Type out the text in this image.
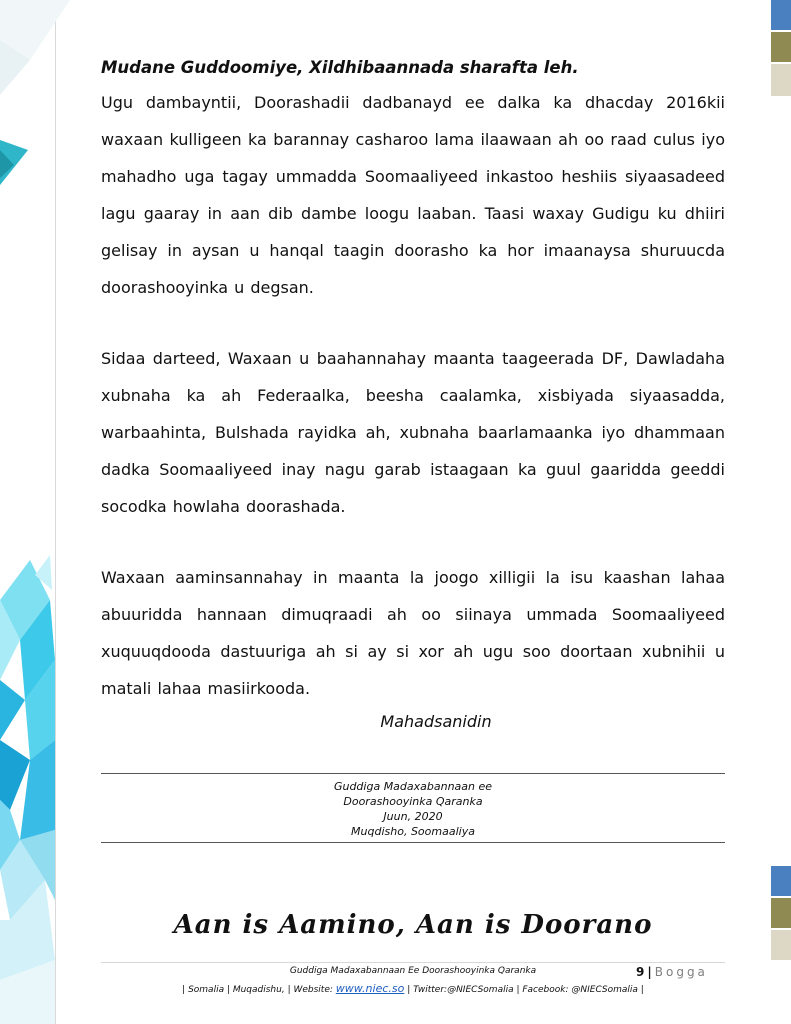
Mudane Guddoomiye, Xildhibaannada sharafta leh.

Ugu dambayntii, Doorashadii dadbanayd ee dalka ka dhacday 2016kii

waxaan kulligeen ka barannay casharoo lama ilaawaan ah oo raad culus iyo

mahadho uga tagay ummadda Soomaaliyeed inkastoo heshiis siyaasadeed

lagu gaaray in aan dib dambe loogu laaban. Taasi waxay Gudigu ku dhiiri

gelisay in aysan u hanqal taagin doorasho ka hor imaanaysa shuruucda

doorashooyinka u degsan.

Sidaa darteed, Waxaan u baahannahay maanta taageerada DF, Dawladaha

xubnaha ka ah Federaalka, beesha caalamka, xisbiyada siyaasadda,

warbaahinta, Bulshada rayidka ah, xubnaha baarlamaanka iyo dhammaan

dadka Soomaaliyeed inay nagu garab istaagaan ka guul gaaridda geeddi

socodka howlaha doorashada.

Waxaan aaminsannahay in maanta la joogo xilligii la isu kaashan lahaa

abuuridda hannaan dimuqraadi ah oo siinaya ummada Soomaaliyeed

xuquuqdooda dastuuriga ah si ay si xor ah ugu soo doortaan xubnihii u

matali lahaa masiirkooda.

Mahadsanidin
Guddiga Madaxabannaan ee
Doorashooyinka Qaranka
Juun, 2020
Muqdisho, Soomaaliya
Aan is Aamino, Aan is Doorano
Guddiga Madaxabannaan Ee Doorashooyinka Qaranka	9 | Bogga
| Somalia | Muqadishu, | Website: www.niec.so | Twitter:@NIECSomalia | Facebook: @NIECSomalia |
